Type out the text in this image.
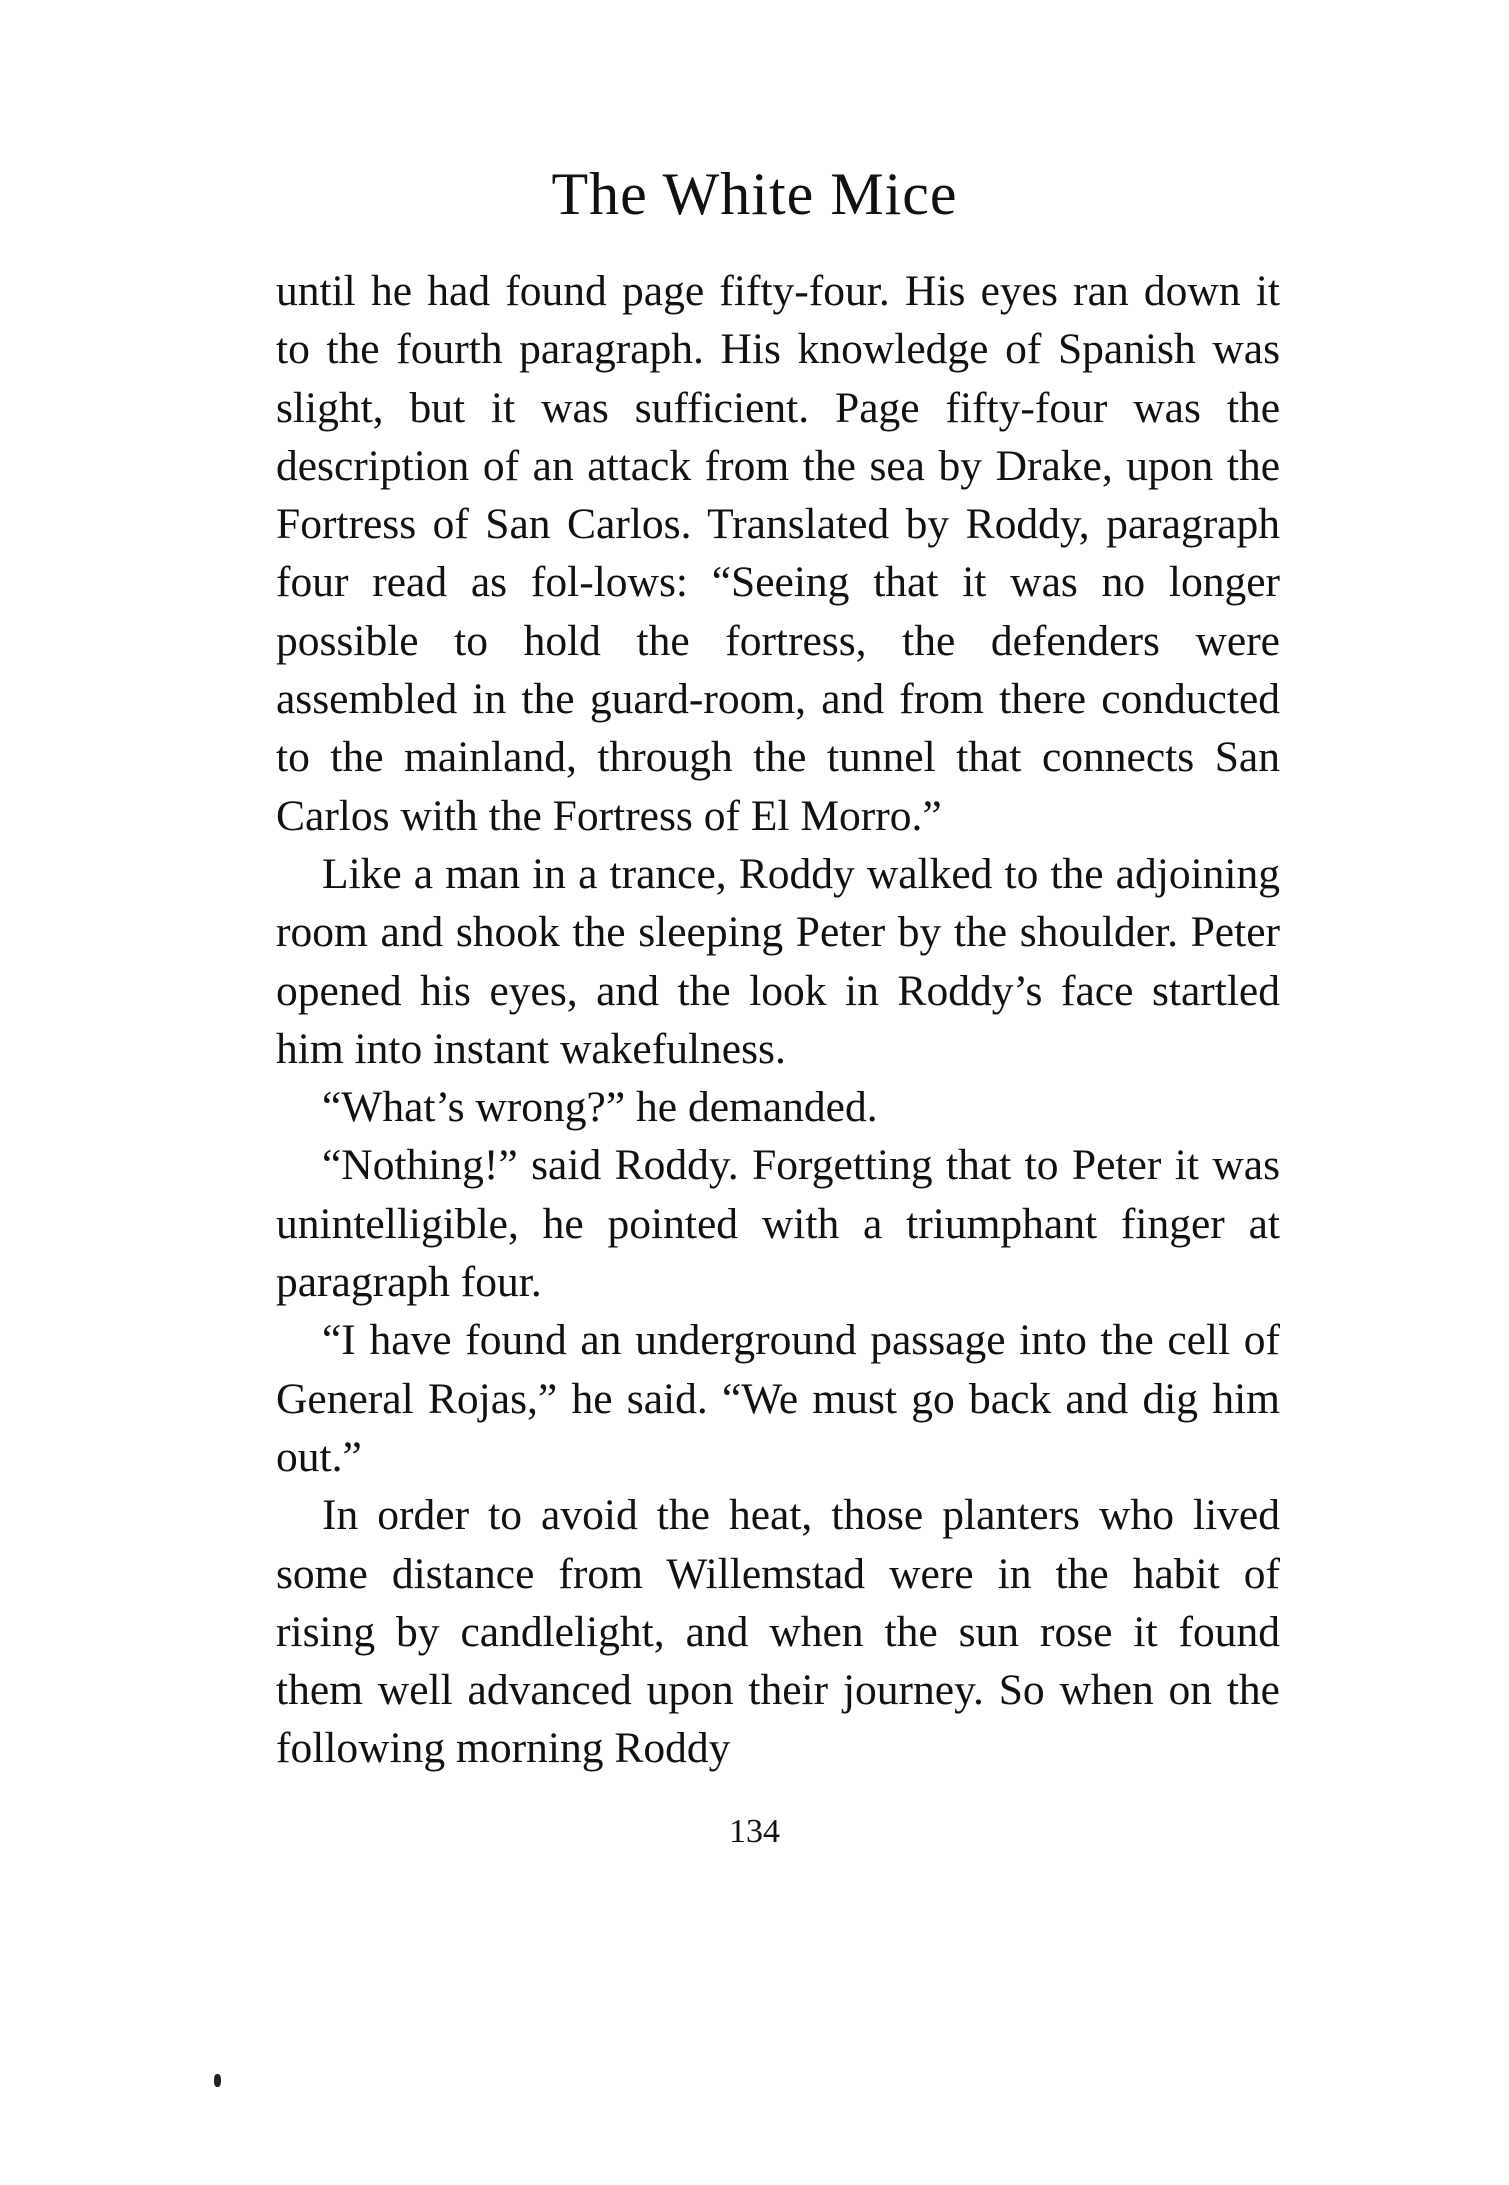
The White Mice

until he had found page fifty-four. His eyes ran down it to the fourth paragraph. His knowledge of Spanish was slight, but it was sufficient. Page fifty-four was the description of an attack from the sea by Drake, upon the Fortress of San Carlos. Translated by Roddy, paragraph four read as fol-lows: “Seeing that it was no longer possible to hold the fortress, the defenders were assembled in the guard-room, and from there conducted to the mainland, through the tunnel that connects San Carlos with the Fortress of El Morro.”

Like a man in a trance, Roddy walked to the adjoining room and shook the sleeping Peter by the shoulder. Peter opened his eyes, and the look in Roddy’s face startled him into instant wakefulness.

“What’s wrong?” he demanded.

“Nothing!” said Roddy. Forgetting that to Peter it was unintelligible, he pointed with a triumphant finger at paragraph four.

“I have found an underground passage into the cell of General Rojas,” he said. “We must go back and dig him out.”

In order to avoid the heat, those planters who lived some distance from Willemstad were in the habit of rising by candlelight, and when the sun rose it found them well advanced upon their journey. So when on the following morning Roddy

134
